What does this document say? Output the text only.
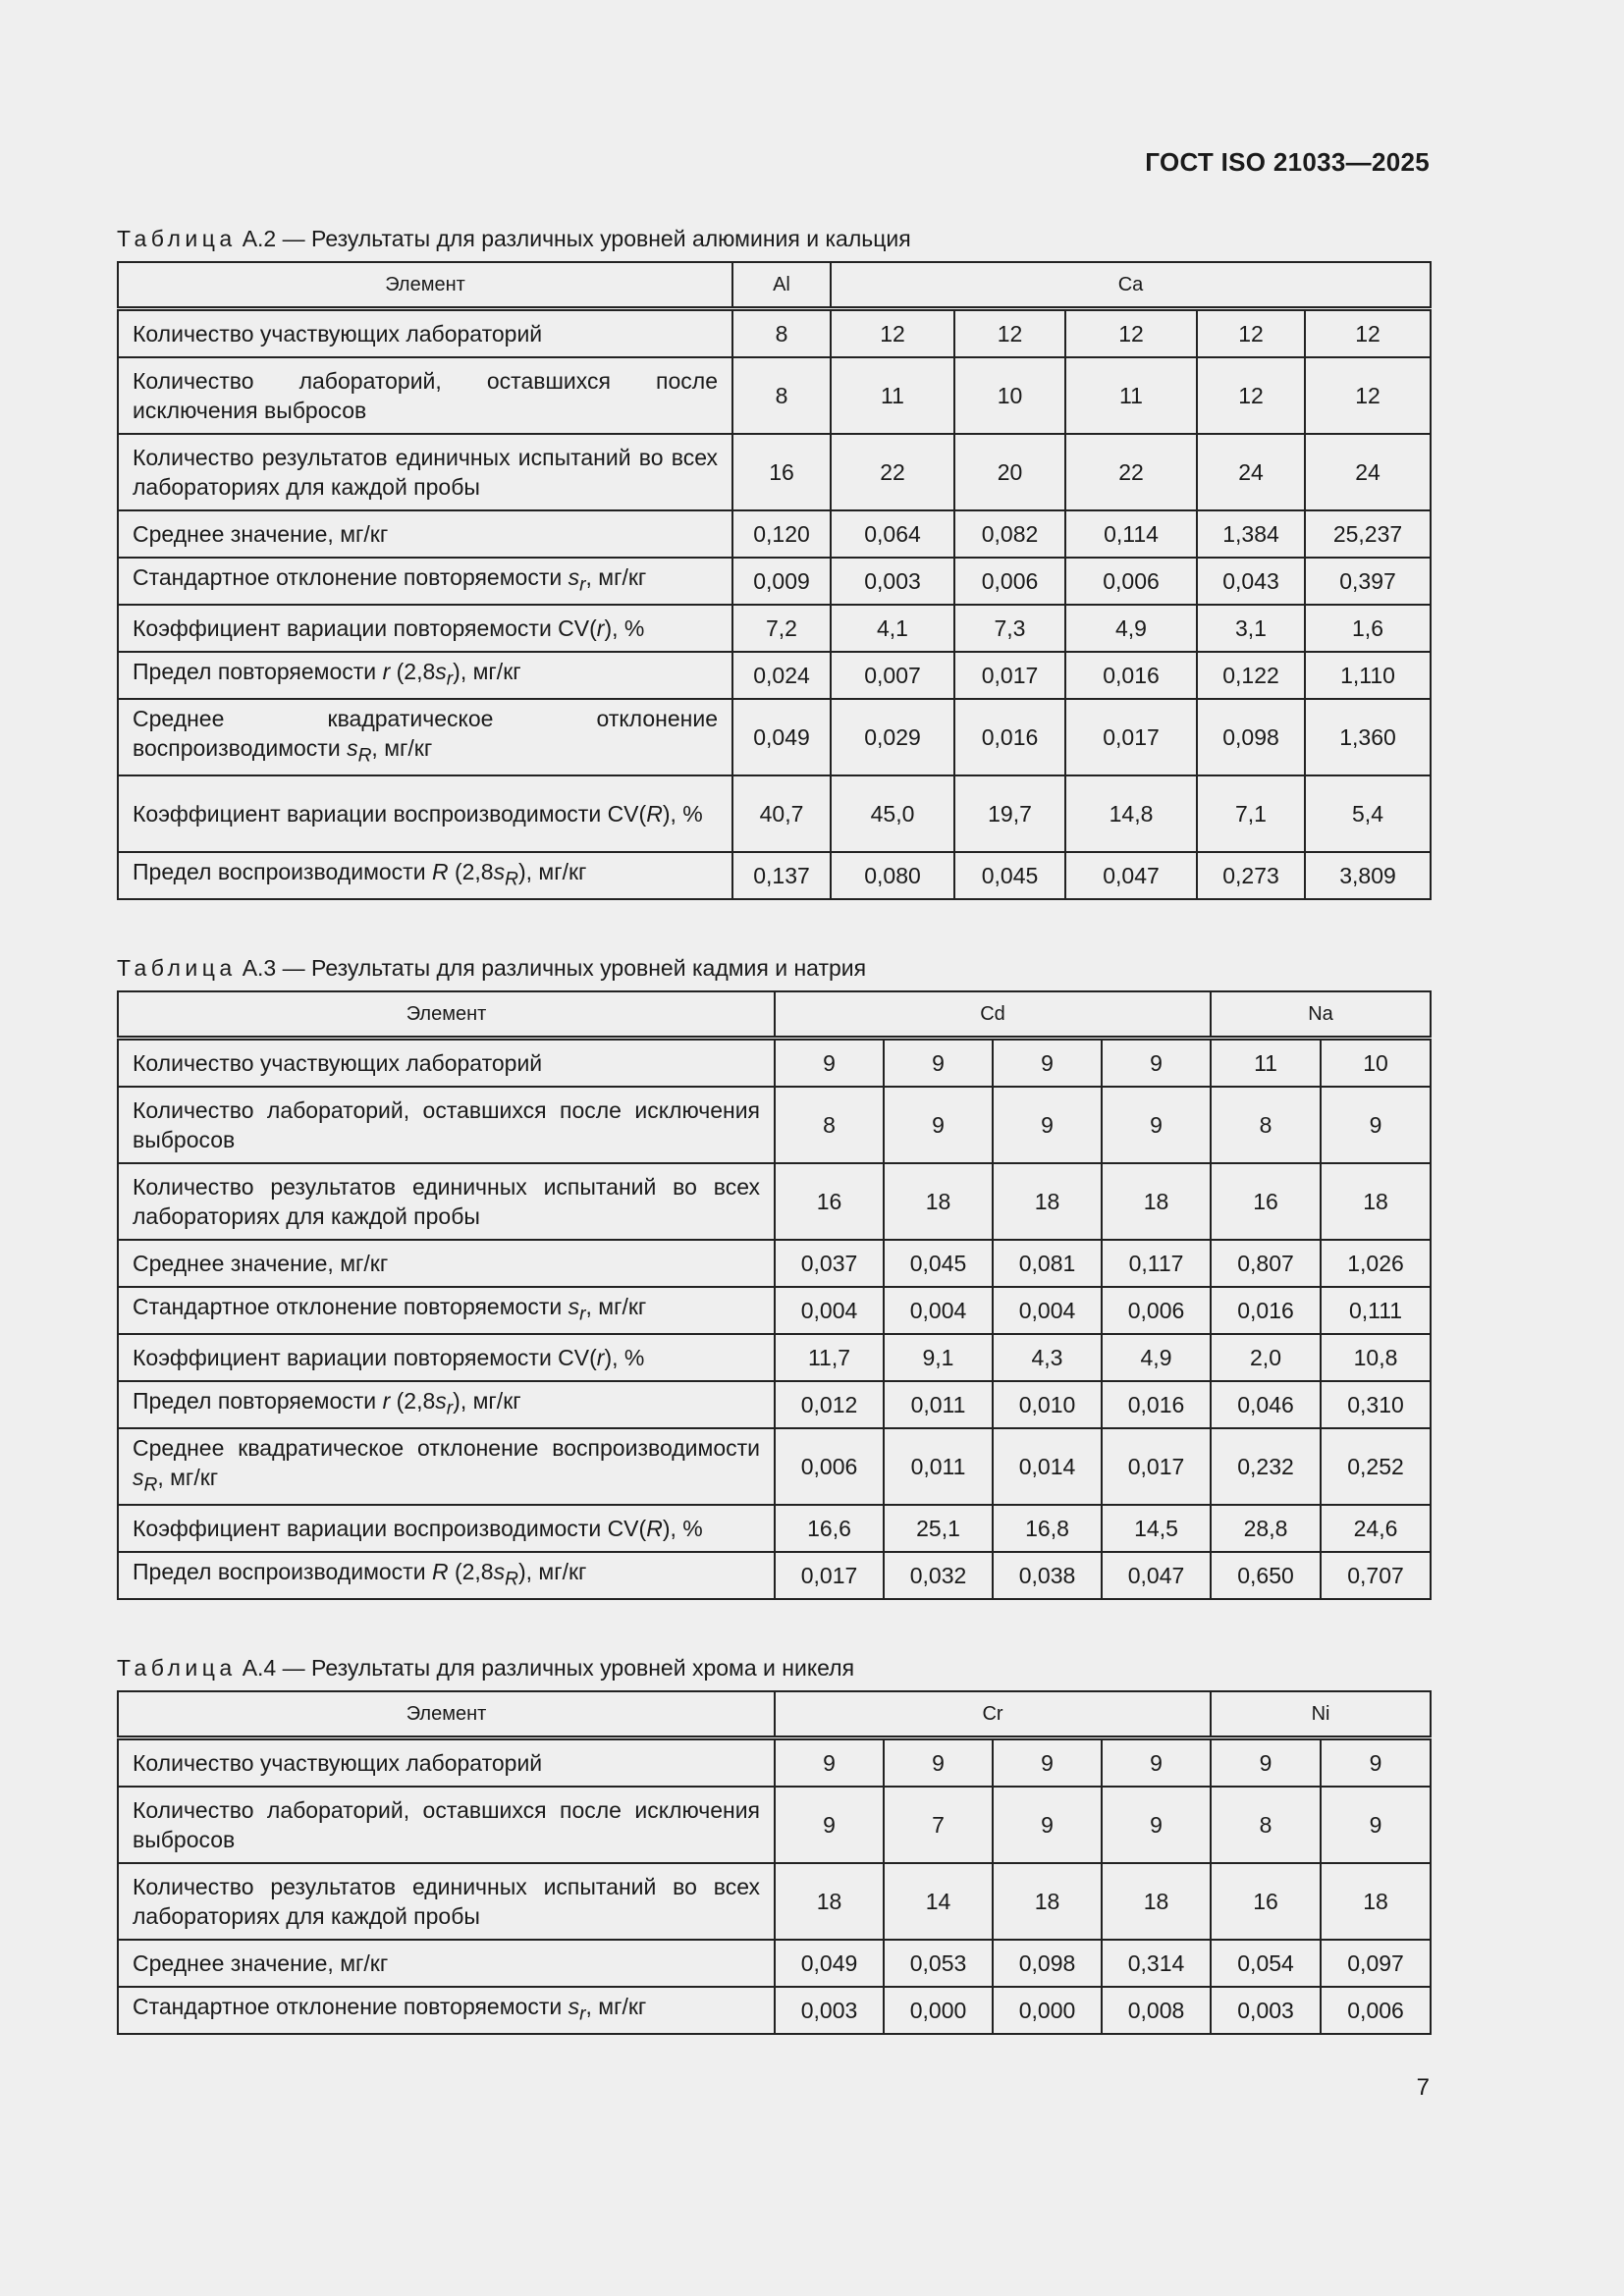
ГОСТ ISO 21033—2025
Таблица А.2 — Результаты для различных уровней алюминия и кальция
Элемент	Al	Ca				
Количество участвующих лабораторий	8	12	12	12	12	12
Количество лабораторий, оставшихся после исключения выбросов	8	11	10	11	12	12
Количество результатов единичных испытаний во всех лабораториях для каждой пробы	16	22	20	22	24	24
Среднее значение, мг/кг	0,120	0,064	0,082	0,114	1,384	25,237
Стандартное отклонение повторяемости $s_r$, мг/кг	0,009	0,003	0,006	0,006	0,043	0,397
Коэффициент вариации повторяемости CV(r), %	7,2	4,1	7,3	4,9	3,1	1,6
Предел повторяемости r $(2,8s_r)$, мг/кг	0,024	0,007	0,017	0,016	0,122	1,110
Среднее квадратическое отклонение воспроизводимости $s_R$, мг/кг	0,049	0,029	0,016	0,017	0,098	1,360
Коэффициент вариации воспроизводимости CV(R), %	40,7	45,0	19,7	14,8	7,1	5,4
Предел воспроизводимости R $(2,8s_R)$, мг/кг	0,137	0,080	0,045	0,047	0,273	3,809
Таблица А.3 — Результаты для различных уровней кадмия и натрия
Элемент	Cd				Na	
Количество участвующих лабораторий	9	9	9	9	11	10
Количество лабораторий, оставшихся после исключения выбросов	8	9	9	9	8	9
Количество результатов единичных испытаний во всех лабораториях для каждой пробы	16	18	18	18	16	18
Среднее значение, мг/кг	0,037	0,045	0,081	0,117	0,807	1,026
Стандартное отклонение повторяемости $s_r$, мг/кг	0,004	0,004	0,004	0,006	0,016	0,111
Коэффициент вариации повторяемости CV(r), %	11,7	9,1	4,3	4,9	2,0	10,8
Предел повторяемости r $(2,8s_r)$, мг/кг	0,012	0,011	0,010	0,016	0,046	0,310
Среднее квадратическое отклонение воспроизводимости $s_R$, мг/кг	0,006	0,011	0,014	0,017	0,232	0,252
Коэффициент вариации воспроизводимости CV(R), %	16,6	25,1	16,8	14,5	28,8	24,6
Предел воспроизводимости R $(2,8s_R)$, мг/кг	0,017	0,032	0,038	0,047	0,650	0,707
Таблица А.4 — Результаты для различных уровней хрома и никеля
Элемент	Cr				Ni	
Количество участвующих лабораторий	9	9	9	9	9	9
Количество лабораторий, оставшихся после исключения выбросов	9	7	9	9	8	9
Количество результатов единичных испытаний во всех лабораториях для каждой пробы	18	14	18	18	16	18
Среднее значение, мг/кг	0,049	0,053	0,098	0,314	0,054	0,097
Стандартное отклонение повторяемости $s_r$, мг/кг	0,003	0,000	0,000	0,008	0,003	0,006
7
